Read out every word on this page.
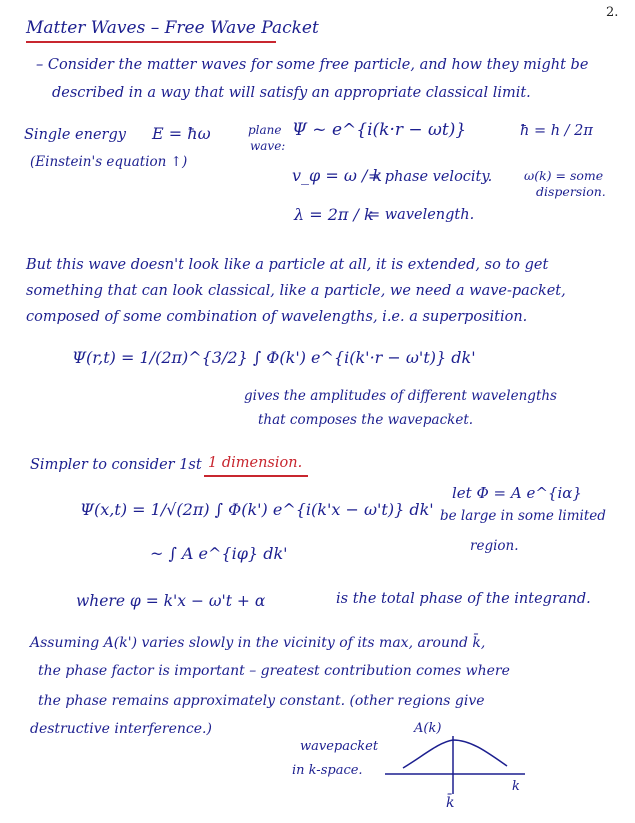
2.
Matter Waves – Free Wave Packet
– Consider the matter waves for some free particle, and how they might be
described in a way that will satisfy an appropriate classical limit.
Single energy E = ħω
(Einstein's equation ↑)
plane
wave:
Ψ ~ e^{i(k·r − ωt)}	ħ = h / 2π
v_φ = ω / k
= phase velocity.	ω(k) = some
dispersion.
λ = 2π / k
= wavelength.
But this wave doesn't look like a particle at all, it is extended, so to get
something that can look classical, like a particle, we need a wave-packet,
composed of some combination of wavelengths, i.e. a superposition.
Ψ(r,t) = 1/(2π)^{3/2} ∫ Φ(k') e^{i(k'·r − ω't)} dk'
gives the amplitudes of different wavelengths
that composes the wavepacket.
Simpler to consider 1st 1 dimension.
Ψ(x,t) = 1/√(2π) ∫ Φ(k') e^{i(k'x − ω't)} dk'
let Φ = A e^{iα}
be large in some limited
region.
~ ∫ A e^{iφ} dk'
where φ = k'x − ω't + α	is the total phase of the integrand.
Assuming A(k') varies slowly in the vicinity of its max, around k̄,
the phase factor is important – greatest contribution comes where
the phase remains approximately constant. (other regions give
destructive interference.)
wavepacket
in k-space.
A(k)
k
k̄
